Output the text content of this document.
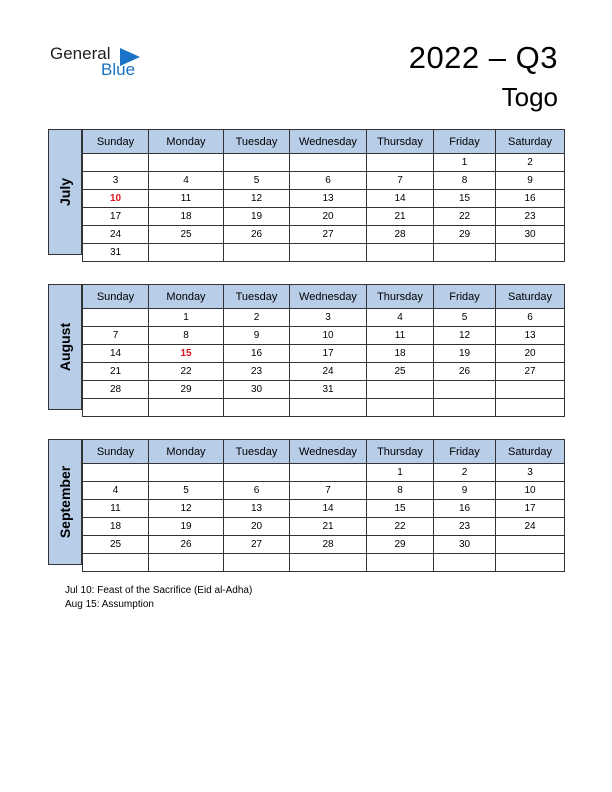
General
Blue	2022 – Q3
Togo
July
Sunday	Monday	Tuesday	Wednesday	Thursday	Friday	Saturday
					1	2
3	4	5	6	7	8	9
10	11	12	13	14	15	16
17	18	19	20	21	22	23
24	25	26	27	28	29	30
31						
August
Sunday	Monday	Tuesday	Wednesday	Thursday	Friday	Saturday
	1	2	3	4	5	6
7	8	9	10	11	12	13
14	15	16	17	18	19	20
21	22	23	24	25	26	27
28	29	30	31			

September
Sunday	Monday	Tuesday	Wednesday	Thursday	Friday	Saturday
				1	2	3
4	5	6	7	8	9	10
11	12	13	14	15	16	17
18	19	20	21	22	23	24
25	26	27	28	29	30	

Jul 10: Feast of the Sacrifice (Eid al-Adha)
Aug 15: Assumption
